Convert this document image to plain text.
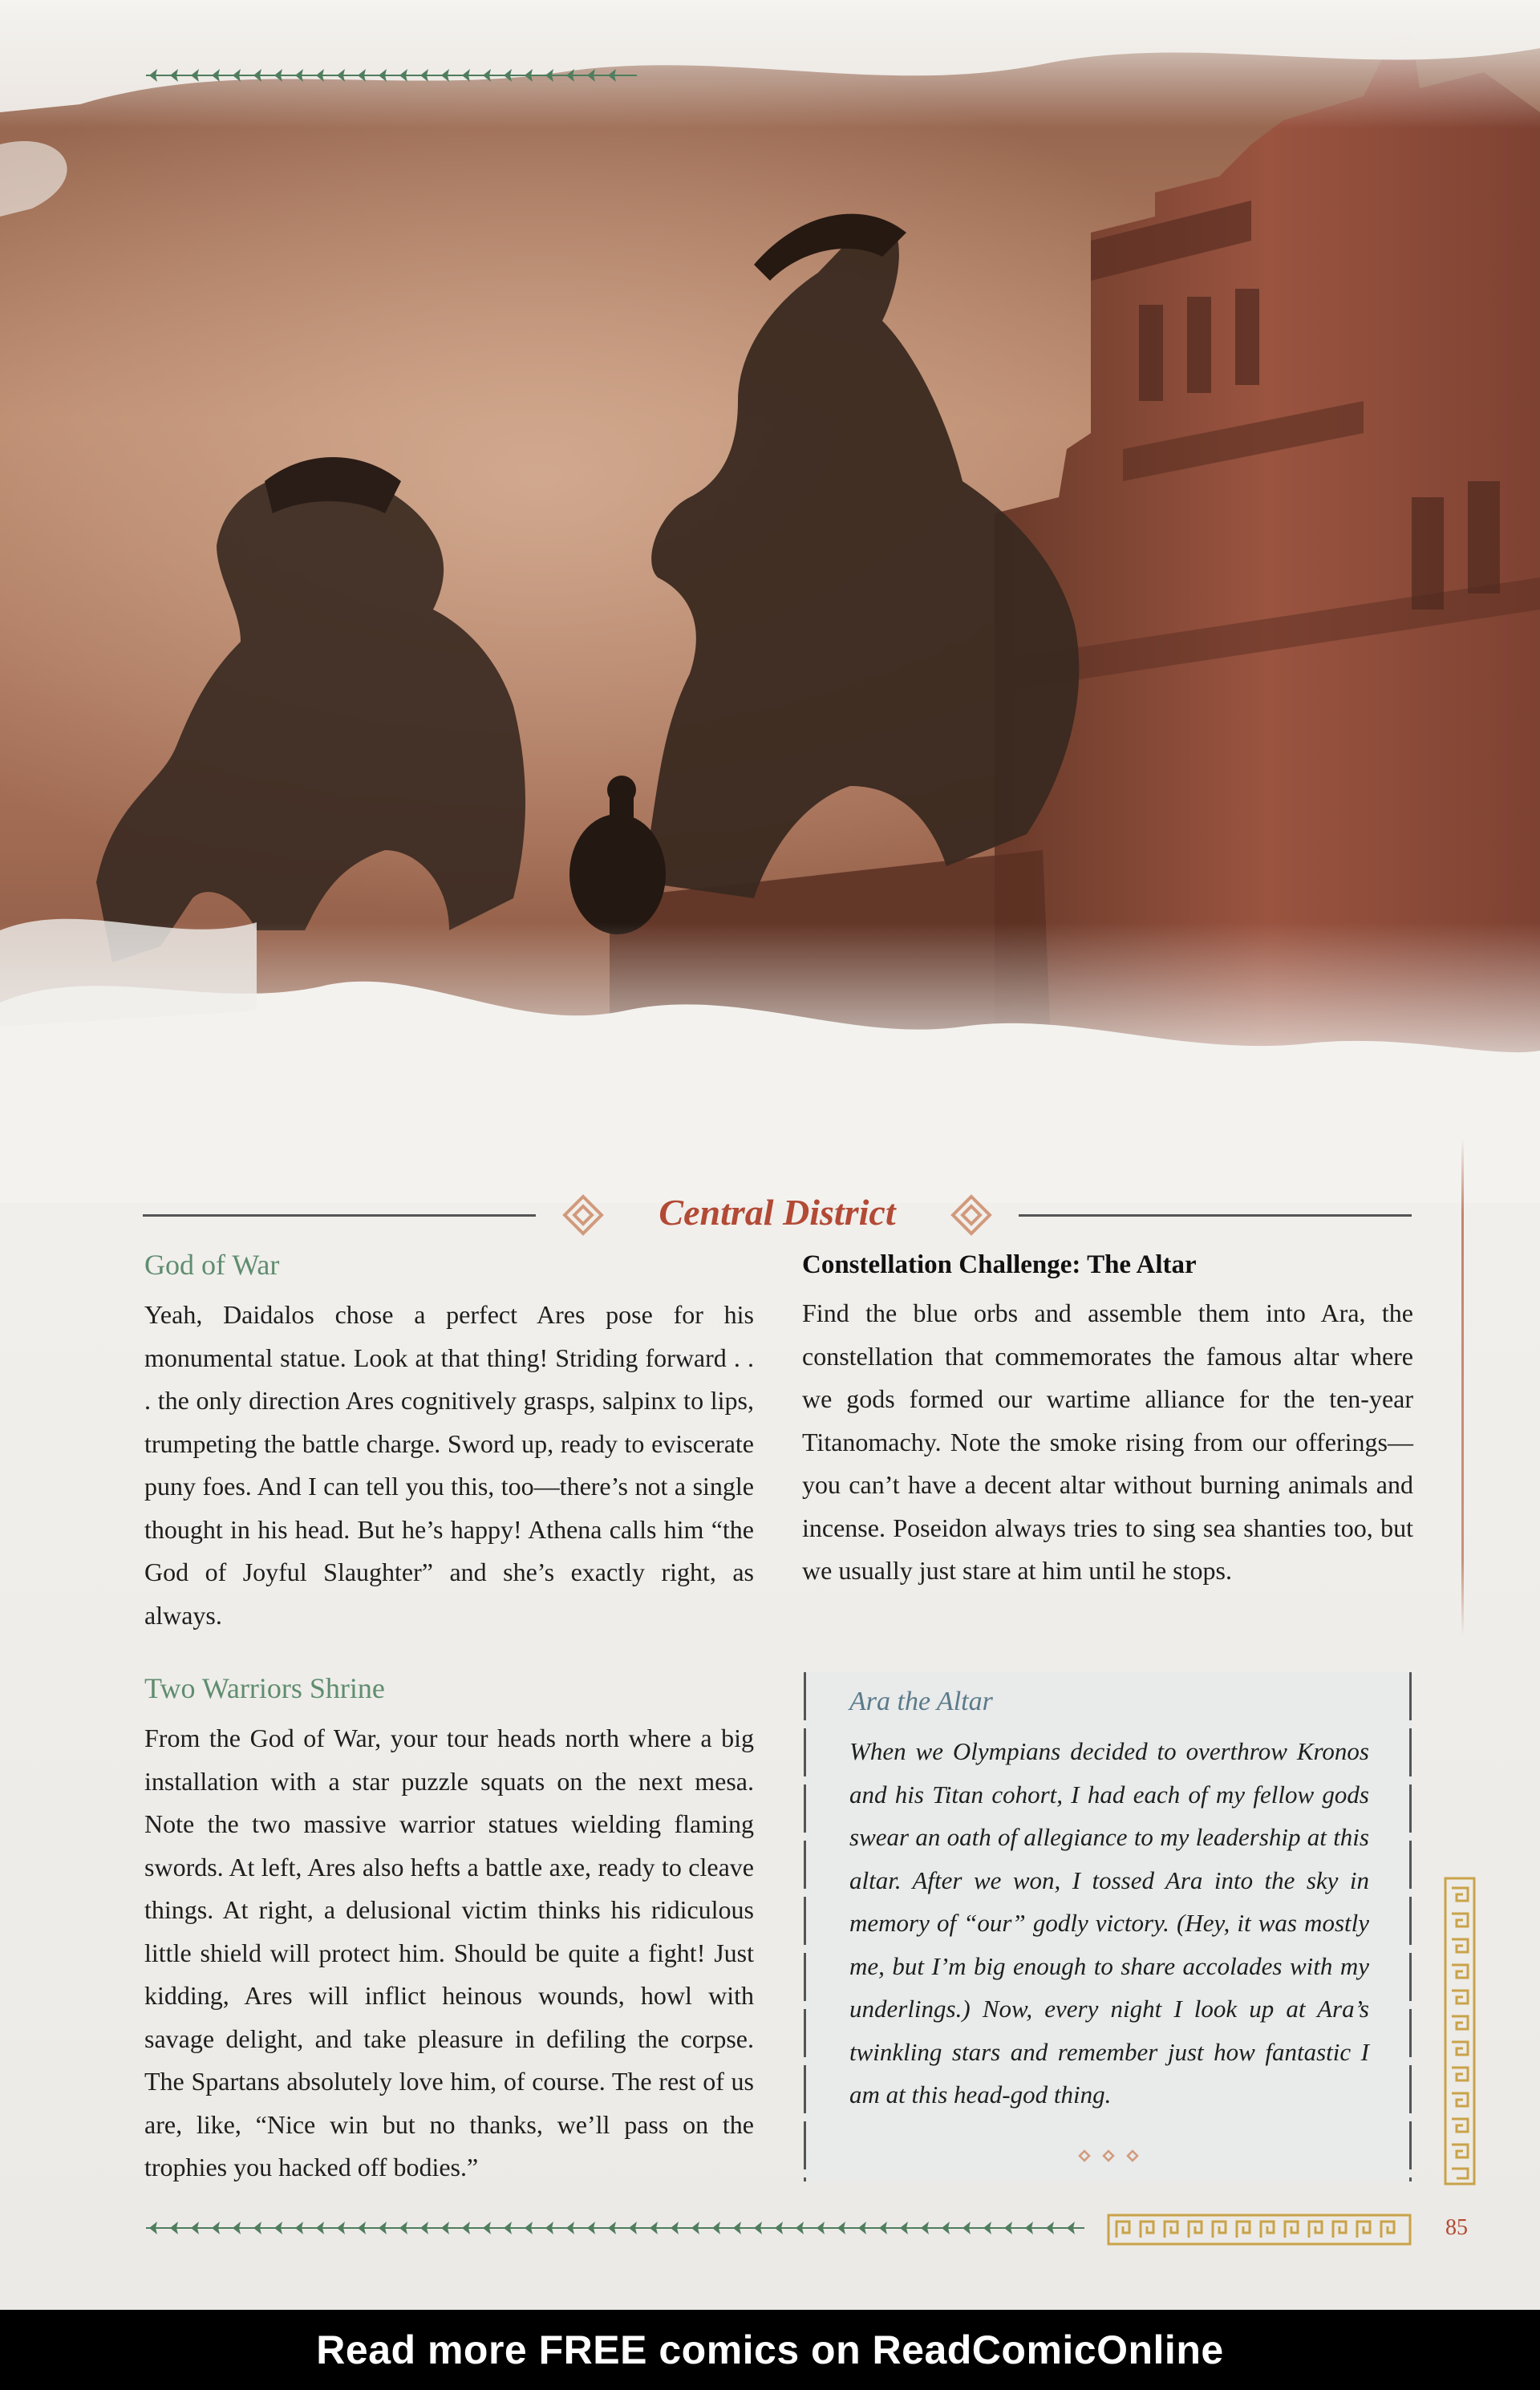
Central District
God of War

Yeah, Daidalos chose a perfect Ares pose for his monumental statue. Look at that thing! Striding forward . . . the only direction Ares cognitively grasps, salpinx to lips, trumpeting the battle charge. Sword up, ready to eviscerate puny foes. And I can tell you this, too—there’s not a single thought in his head. But he’s happy! Athena calls him “the God of Joyful Slaughter” and she’s exactly right, as always.

Two Warriors Shrine

From the God of War, your tour heads north where a big installation with a star puzzle squats on the next mesa. Note the two massive warrior statues wielding flaming swords. At left, Ares also hefts a battle axe, ready to cleave things. At right, a delusional victim thinks his ridiculous little shield will protect him. Should be quite a fight! Just kidding, Ares will inflict heinous wounds, howl with savage delight, and take pleasure in defiling the corpse. The Spartans absolutely love him, of course. The rest of us are, like, “Nice win but no thanks, we’ll pass on the trophies you hacked off bodies.”

Constellation Challenge: The Altar

Find the blue orbs and assemble them into Ara, the constellation that commemorates the famous altar where we gods formed our wartime alliance for the ten-year Titanomachy. Note the smoke rising from our offerings—you can’t have a decent altar without burning animals and incense. Poseidon always tries to sing sea shanties too, but we usually just stare at him until he stops.

Ara the Altar

When we Olympians decided to overthrow Kronos and his Titan cohort, I had each of my fellow gods swear an oath of allegiance to my leadership at this altar. After we won, I tossed Ara into the sky in memory of “our” godly victory. (Hey, it was mostly me, but I’m big enough to share accolades with my underlings.) Now, every night I look up at Ara’s twinkling stars and remember just how fantastic I am at this head-god thing.

85
Read more FREE comics on ReadComicOnline
